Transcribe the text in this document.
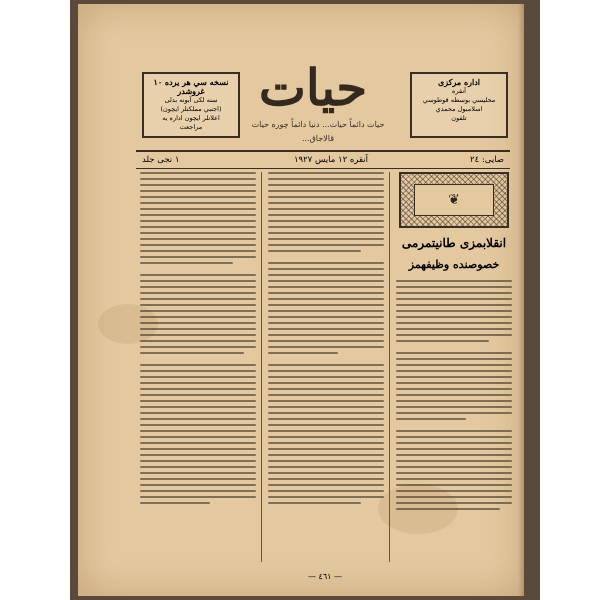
اداره مركزى
آنقره
محليسي بوسطه قوطوسي
اسلامبول محمدي
تلفون
نسخه سي هر يرده ۱۰ غروشدر
سنه لكى آبونه بدلى
(اجنبي مملكتلر ايچون)
اعلانلر ايچون اداره يه مراجعت
حيات
حيات دائماً حيات... دنيا دائماً چوره حيات قالاجاق...
۱ نجى جلد	آنقره ۱۲ مايس ۱۹۲۷	صايى: ۲٤
❦
انقلابمزى طانيتمرمى
خصوصنده وظيفهمز
— ٤٦١ —
